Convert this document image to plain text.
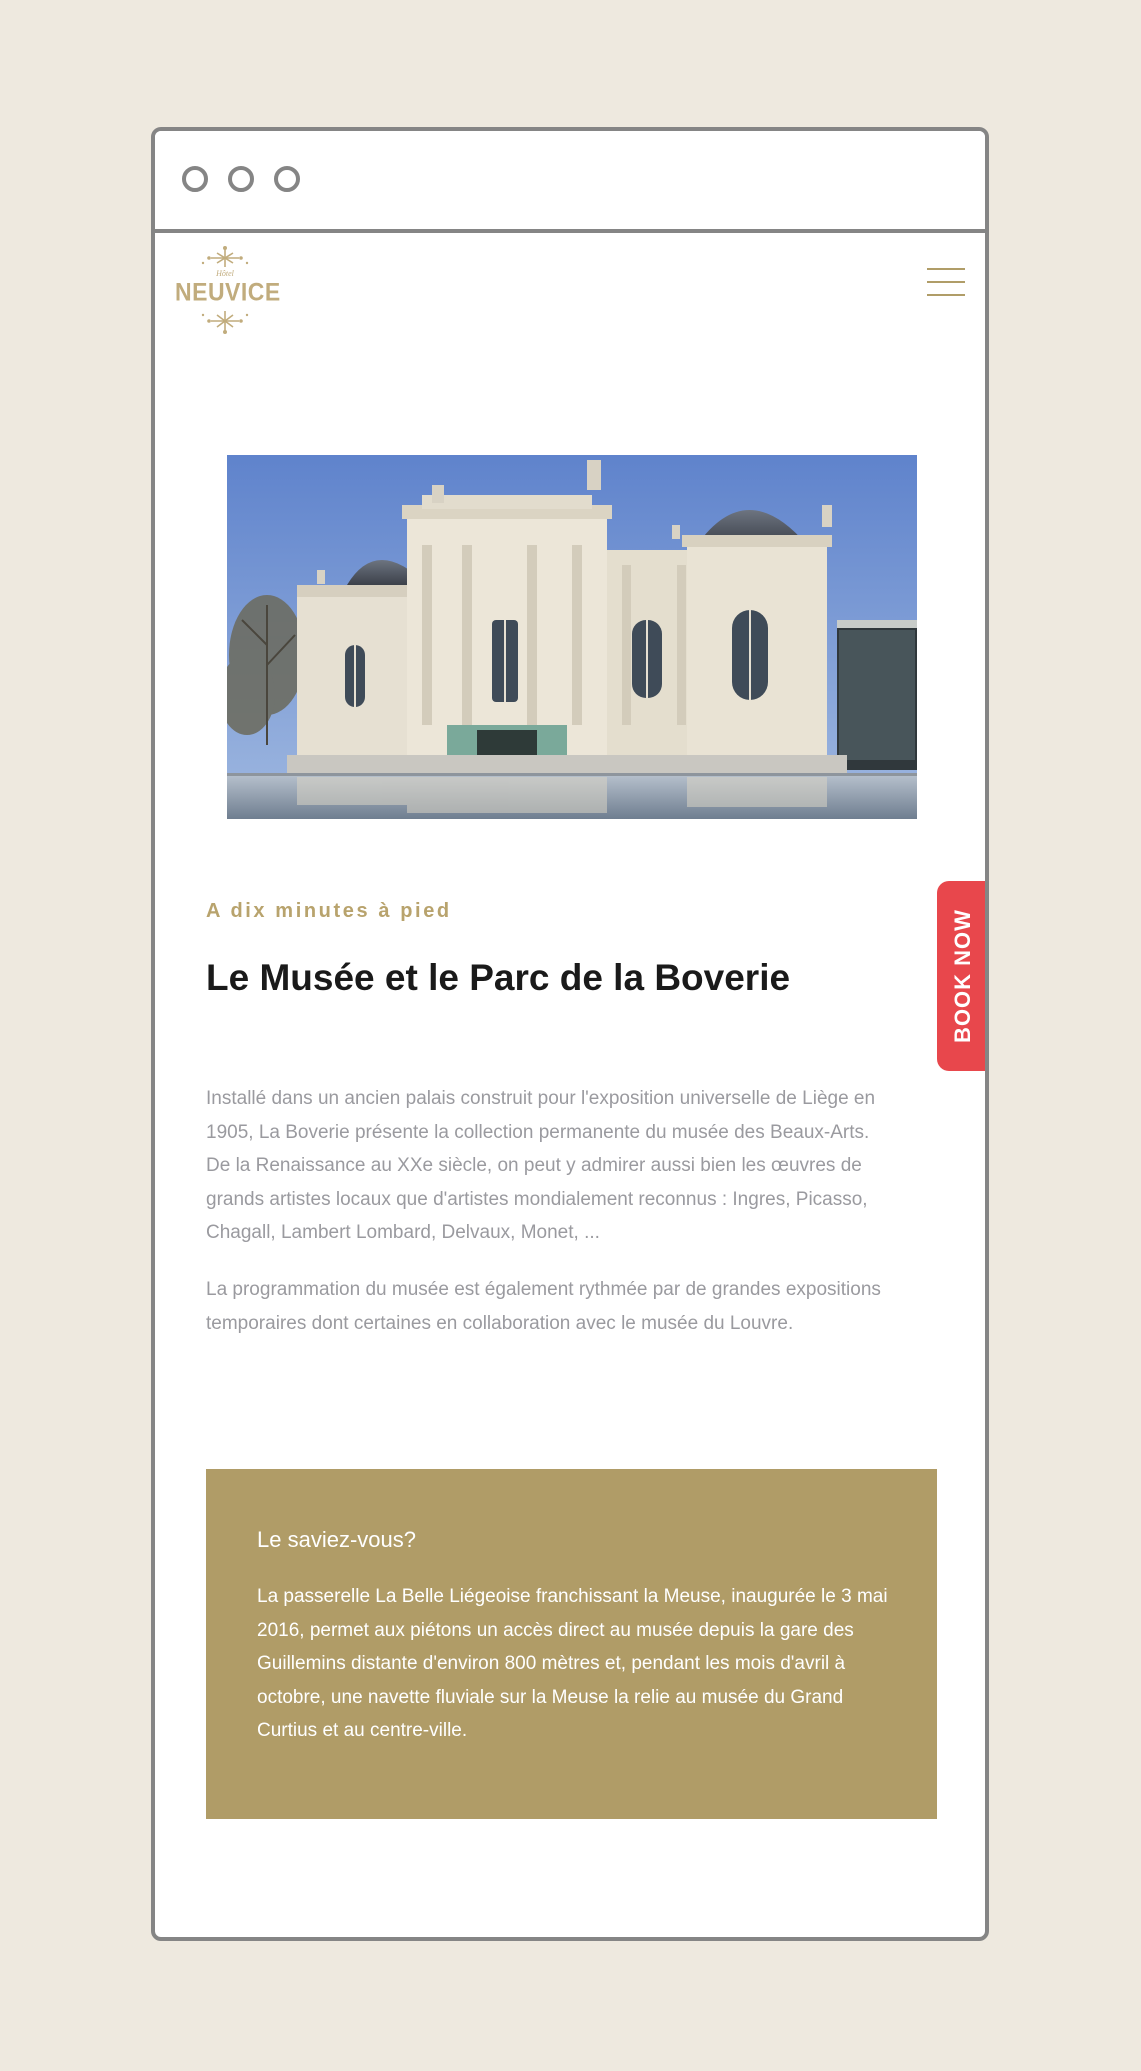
Hôtel
NEUVICE
BOOK NOW

A dix minutes à pied

Le Musée et le Parc de la Boverie

Installé dans un ancien palais construit pour l'exposition universelle de Liège en 1905, La Boverie présente la collection permanente du musée des Beaux-Arts. De la Renaissance au XXe siècle, on peut y admirer aussi bien les œuvres de grands artistes locaux que d'artistes mondialement reconnus : Ingres, Picasso, Chagall, Lambert Lombard, Delvaux, Monet, ...

La programmation du musée est également rythmée par de grandes expositions temporaires dont certaines en collaboration avec le musée du Louvre.

Le saviez-vous?

La passerelle La Belle Liégeoise franchissant la Meuse, inaugurée le 3 mai 2016, permet aux piétons un accès direct au musée depuis la gare des Guillemins distante d'environ 800 mètres et, pendant les mois d'avril à octobre, une navette fluviale sur la Meuse la relie au musée du Grand Curtius et au centre-ville.
